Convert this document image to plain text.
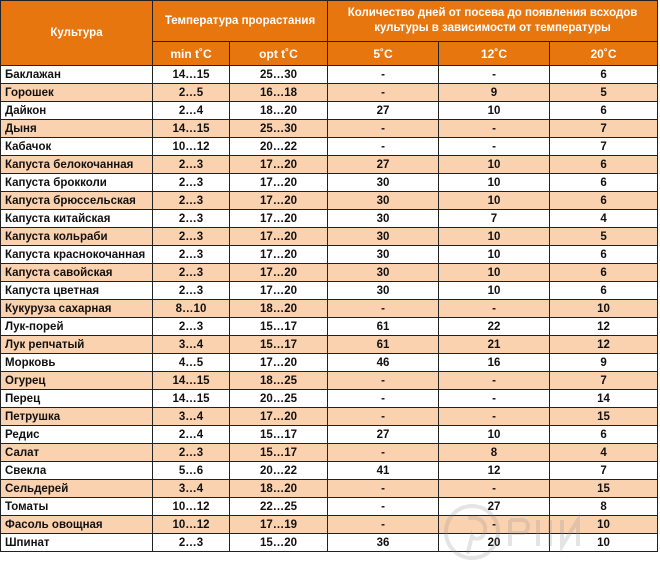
Культура	Температура прорастания		Количество дней от посева до появления всходов культуры в зависимости от температуры		
	min t˚C	opt t˚C	5˚C	12˚C	20˚C
Баклажан	14…15	25…30	-	-	6
Горошек	2…5	16…18	-	9	5
Дайкон	2…4	18…20	27	10	6
Дыня	14…15	25…30	-	-	7
Кабачок	10…12	20…22	-	-	7
Капуста белокочанная	2…3	17…20	27	10	6
Капуста брокколи	2…3	17…20	30	10	6
Капуста брюссельская	2…3	17…20	30	10	6
Капуста китайская	2…3	17…20	30	7	4
Капуста кольраби	2…3	17…20	30	10	5
Капуста краснокочанная	2…3	17…20	30	10	6
Капуста савойская	2…3	17…20	30	10	6
Капуста цветная	2…3	17…20	30	10	6
Кукуруза сахарная	8…10	18…20	-	-	10
Лук-порей	2…3	15…17	61	22	12
Лук репчатый	3…4	15…17	61	21	12
Морковь	4…5	17…20	46	16	9
Огурец	14…15	18…25	-	-	7
Перец	14…15	20…25	-	-	14
Петрушка	3…4	17…20	-	-	15
Редис	2…4	15…17	27	10	6
Салат	2…3	15…17	-	8	4
Свекла	5…6	20…22	41	12	7
Сельдерей	3…4	18…20	-	-	15
Томаты	10…12	22…25	-	27	8
Фасоль овощная	10…12	17…19	-	-	10
Шпинат	2…3	15…20	36	20	10
